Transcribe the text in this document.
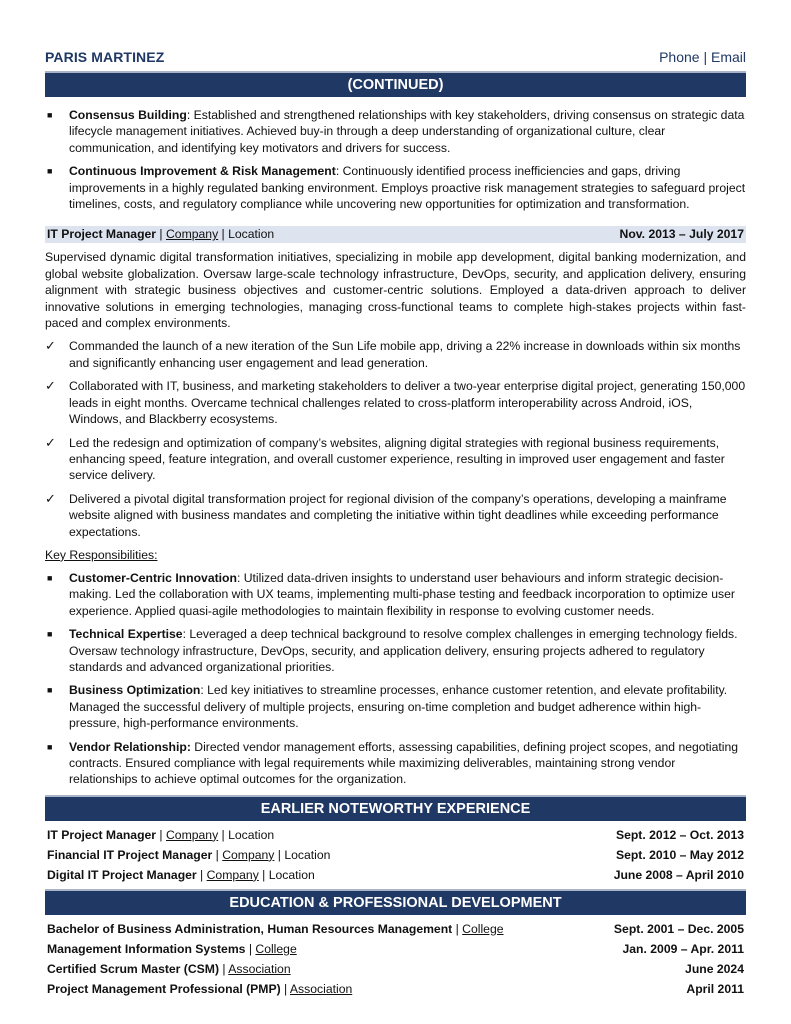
PARIS MARTINEZ	Phone | Email
(CONTINUED)
■ Consensus Building: Established and strengthened relationships with key stakeholders, driving consensus on strategic data lifecycle management initiatives. Achieved buy-in through a deep understanding of organizational culture, clear communication, and identifying key motivators and drivers for success.
■ Continuous Improvement & Risk Management: Continuously identified process inefficiencies and gaps, driving improvements in a highly regulated banking environment. Employs proactive risk management strategies to safeguard project timelines, costs, and regulatory compliance while uncovering new opportunities for optimization and transformation.
IT Project Manager | Company | Location	Nov. 2013 – July 2017
Supervised dynamic digital transformation initiatives, specializing in mobile app development, digital banking modernization, and global website globalization. Oversaw large-scale technology infrastructure, DevOps, security, and application delivery, ensuring alignment with strategic business objectives and customer-centric solutions. Employed a data-driven approach to deliver innovative solutions in emerging technologies, managing cross-functional teams to complete high-stakes projects within fast-paced and complex environments.
✓ Commanded the launch of a new iteration of the Sun Life mobile app, driving a 22% increase in downloads within six months and significantly enhancing user engagement and lead generation.
✓ Collaborated with IT, business, and marketing stakeholders to deliver a two-year enterprise digital project, generating 150,000 leads in eight months. Overcame technical challenges related to cross-platform interoperability across Android, iOS, Windows, and Blackberry ecosystems.
✓ Led the redesign and optimization of company’s websites, aligning digital strategies with regional business requirements, enhancing speed, feature integration, and overall customer experience, resulting in improved user engagement and faster service delivery.
✓ Delivered a pivotal digital transformation project for regional division of the company’s operations, developing a mainframe website aligned with business mandates and completing the initiative within tight deadlines while exceeding performance expectations.
Key Responsibilities:
■ Customer-Centric Innovation: Utilized data-driven insights to understand user behaviours and inform strategic decision-making. Led the collaboration with UX teams, implementing multi-phase testing and feedback incorporation to optimize user experience. Applied quasi-agile methodologies to maintain flexibility in response to evolving customer needs.
■ Technical Expertise: Leveraged a deep technical background to resolve complex challenges in emerging technology fields. Oversaw technology infrastructure, DevOps, security, and application delivery, ensuring projects adhered to regulatory standards and advanced organizational priorities.
■ Business Optimization: Led key initiatives to streamline processes, enhance customer retention, and elevate profitability. Managed the successful delivery of multiple projects, ensuring on-time completion and budget adherence within high-pressure, high-performance environments.
■ Vendor Relationship: Directed vendor management efforts, assessing capabilities, defining project scopes, and negotiating contracts. Ensured compliance with legal requirements while maximizing deliverables, maintaining strong vendor relationships to achieve optimal outcomes for the organization.
EARLIER NOTEWORTHY EXPERIENCE
IT Project Manager | Company | Location	Sept. 2012 – Oct. 2013
Financial IT Project Manager | Company | Location	Sept. 2010 – May 2012
Digital IT Project Manager | Company | Location	June 2008 – April 2010
EDUCATION & PROFESSIONAL DEVELOPMENT
Bachelor of Business Administration, Human Resources Management | College	Sept. 2001 – Dec. 2005
Management Information Systems | College	Jan. 2009 – Apr. 2011
Certified Scrum Master (CSM) | Association	June 2024
Project Management Professional (PMP) | Association	April 2011
